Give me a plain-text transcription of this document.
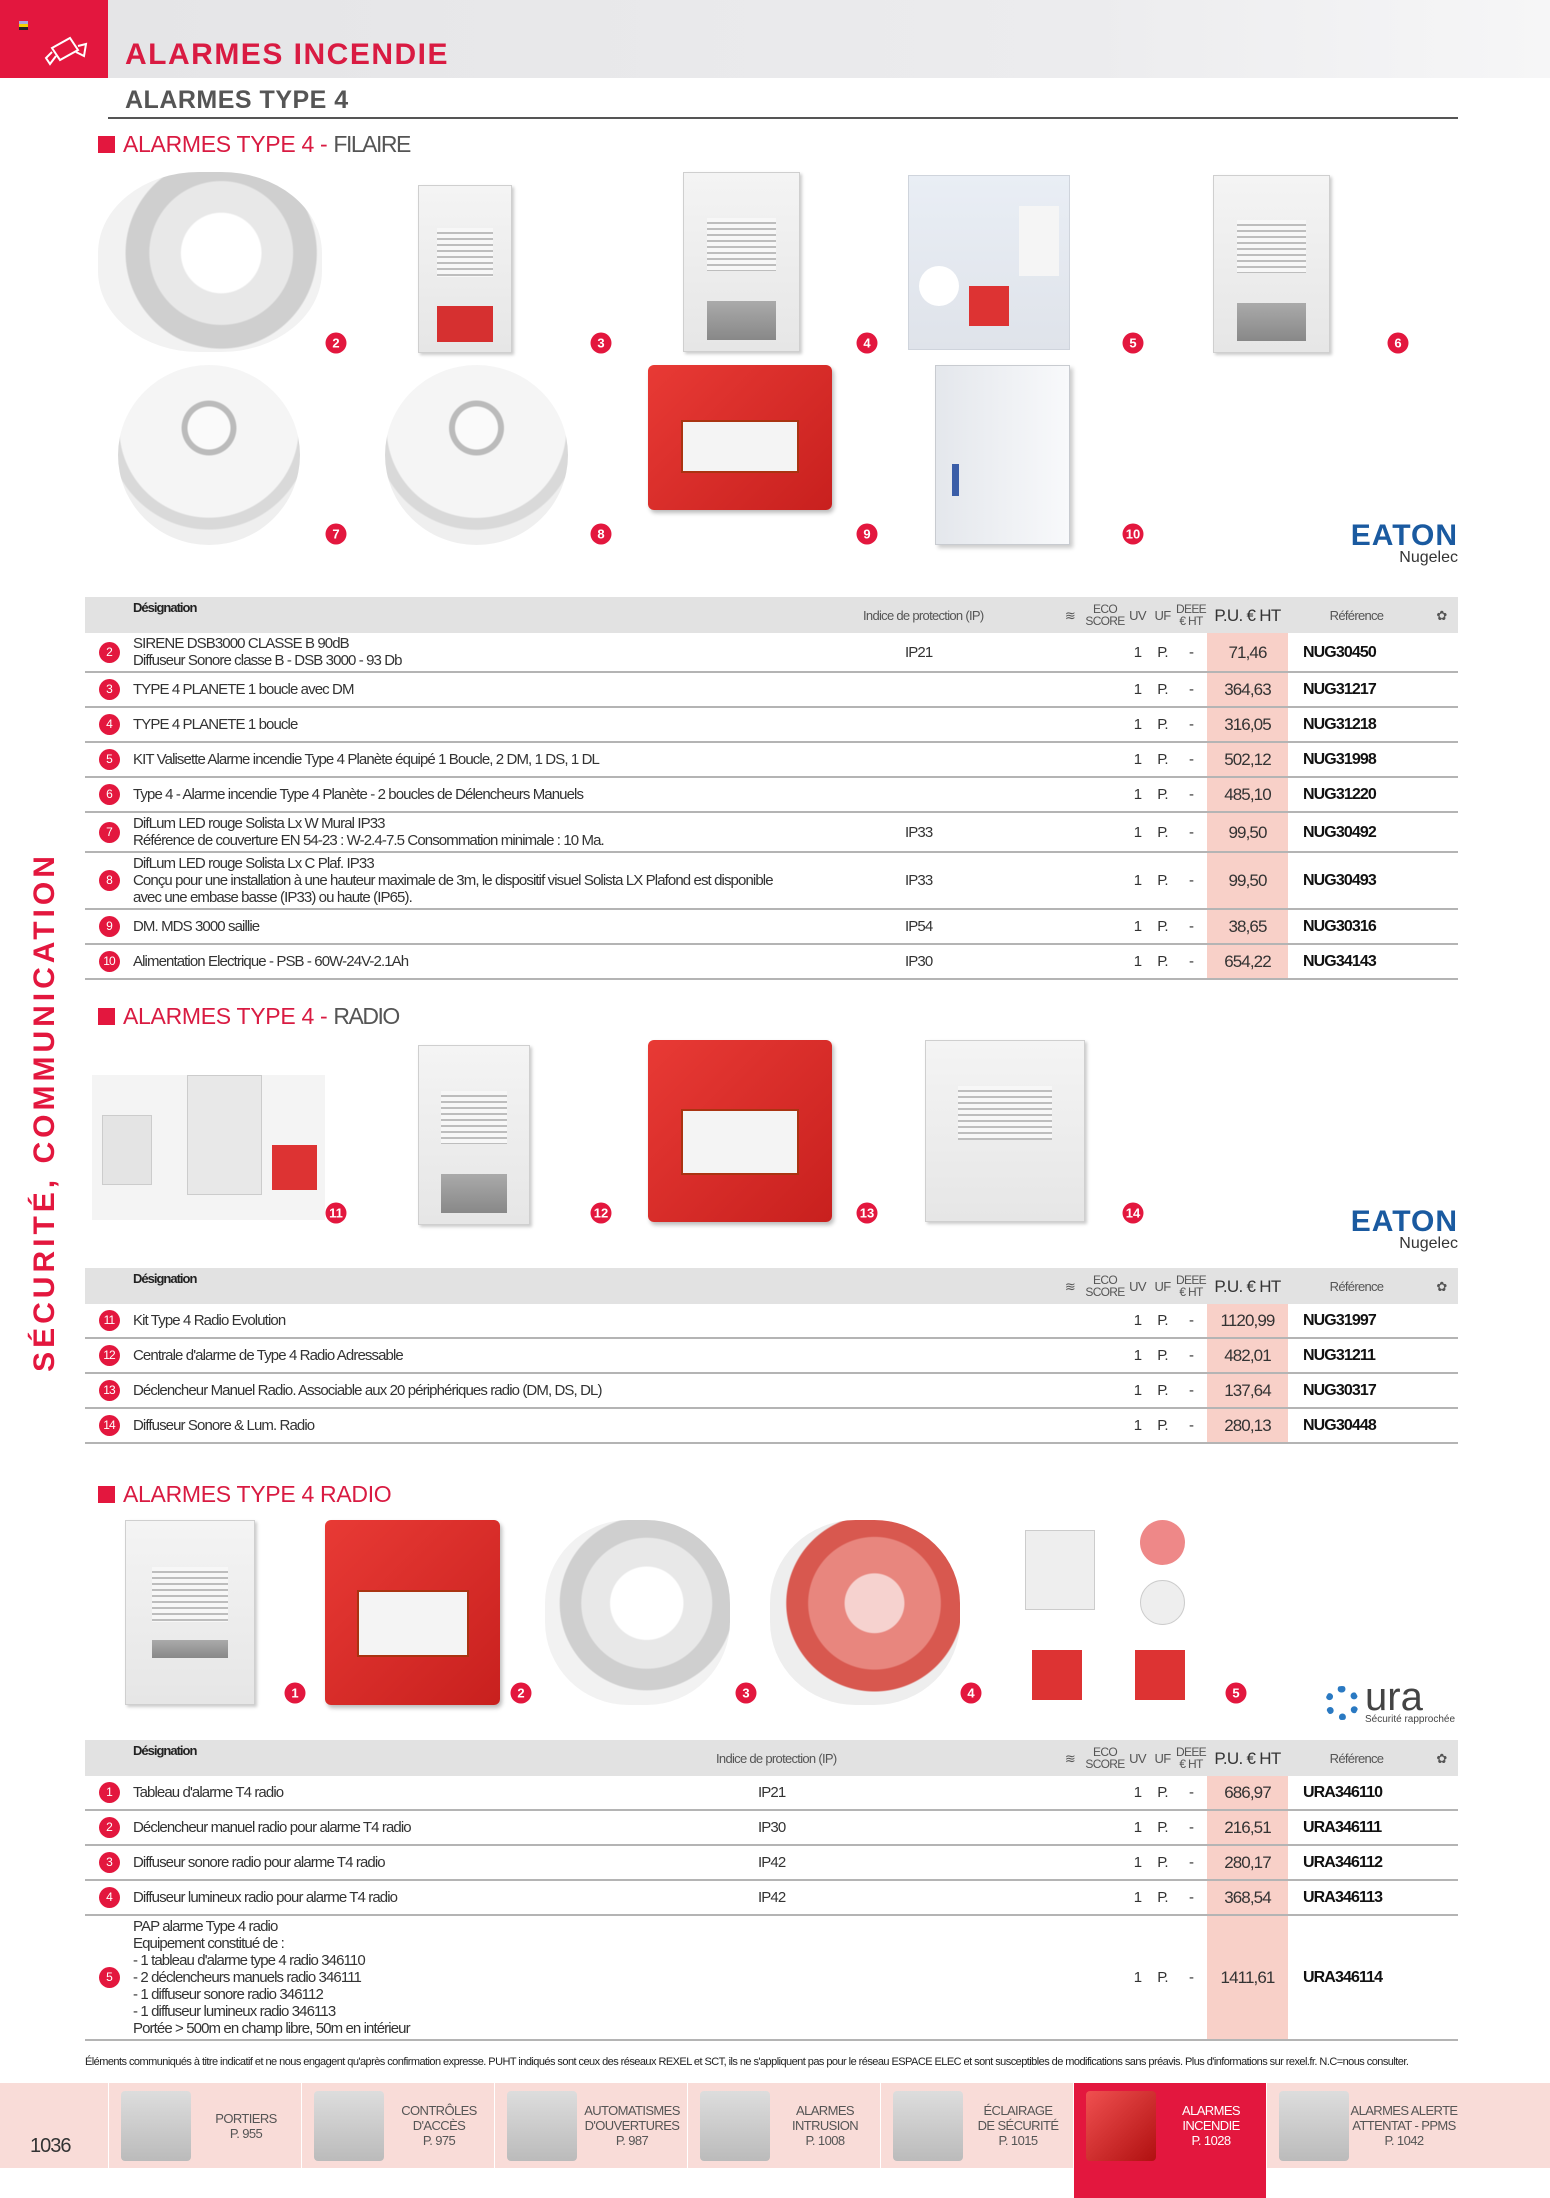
ALARMES INCENDIE
ALARMES TYPE 4
SÉCURITÉ, COMMUNICATION
ALARMES TYPE 4 - FILAIRE
2	3	4	5	6
7	8	9	10	EATON
Nugelec
Désignation	Indice de protection (IP)	≋	ECO
SCORE UV UF DEEE
€ HT P.U. € HT	Référence	✿
2	SIRENE DSB3000 CLASSE B 90dB
Diffuseur Sonore classe B - DSB 3000 - 93 Db	IP21	1	P.	-	71,46	NUG30450
3	TYPE 4 PLANETE 1 boucle avec DM	1	P.	-	364,63	NUG31217
4	TYPE 4 PLANETE 1 boucle	1	P.	-	316,05	NUG31218
5	KIT Valisette Alarme incendie Type 4 Planète équipé 1 Boucle, 2 DM, 1 DS, 1 DL	1	P.	-	502,12	NUG31998
6	Type 4 - Alarme incendie Type 4 Planète - 2 boucles de Délencheurs Manuels	1	P.	-	485,10	NUG31220
7	DifLum LED rouge Solista Lx W Mural IP33
Référence de couverture EN 54-23 : W-2.4-7.5 Consommation minimale : 10 Ma.	IP33	1	P.	-	99,50	NUG30492
8
DifLum LED rouge Solista Lx C Plaf. IP33
Conçu pour une installation à une hauteur maximale de 3m, le dispositif visuel Solista LX Plafond est disponible
avec une embase basse (IP33) ou haute (IP65).
IP33	1	P.	-	99,50	NUG30493
9	DM. MDS 3000 saillie	IP54	1	P.	-	38,65	NUG30316
10	Alimentation Electrique - PSB - 60W-24V-2.1Ah	IP30	1	P.	-	654,22	NUG34143
ALARMES TYPE 4 - RADIO
11	12	13	14	EATON
Nugelec
Désignation	≋	ECO
SCORE UV UF DEEE
€ HT P.U. € HT	Référence	✿
11	Kit Type 4 Radio Evolution	1	P.	-	1120,99	NUG31997
12	Centrale d'alarme de Type 4 Radio Adressable	1	P.	-	482,01	NUG31211
13	Déclencheur Manuel Radio. Associable aux 20 périphériques radio (DM, DS, DL)	1	P.	-	137,64	NUG30317
14	Diffuseur Sonore & Lum. Radio	1	P.	-	280,13	NUG30448
ALARMES TYPE 4 RADIO
1	2	3	4	5	ura
Sécurité rapprochée
Désignation	Indice de protection (IP)	≋	ECO
SCORE UV UF DEEE
€ HT P.U. € HT	Référence	✿
1	Tableau d'alarme T4 radio	IP21	1	P.	-	686,97	URA346110
2	Déclencheur manuel radio pour alarme T4 radio	IP30	1	P.	-	216,51	URA346111
3	Diffuseur sonore radio pour alarme T4 radio	IP42	1	P.	-	280,17	URA346112
4	Diffuseur lumineux radio pour alarme T4 radio	IP42	1	P.	-	368,54	URA346113
5
PAP alarme Type 4 radio
Equipement constitué de :
- 1 tableau d'alarme type 4 radio 346110
- 2 déclencheurs manuels radio 346111
- 1 diffuseur sonore radio 346112
- 1 diffuseur lumineux radio 346113
Portée > 500m en champ libre, 50m en intérieur
1	P.	-	1411,61	URA346114
Éléments communiqués à titre indicatif et ne nous engagent qu'après confirmation expresse. PUHT indiqués sont ceux des réseaux REXEL et SCT, ils ne s'appliquent pas pour le réseau ESPACE ELEC et sont susceptibles de modifications sans préavis. Plus d'informations sur rexel.fr. N.C=nous consulter.
1036
PORTIERS
P. 955
CONTRÔLES
D'ACCÈS
P. 975
AUTOMATISMES
D'OUVERTURES
P. 987
ALARMES
INTRUSION
P. 1008
ÉCLAIRAGE
DE SÉCURITÉ
P. 1015
ALARMES
INCENDIE
P. 1028
ALARMES ALERTE
ATTENTAT - PPMS
P. 1042
